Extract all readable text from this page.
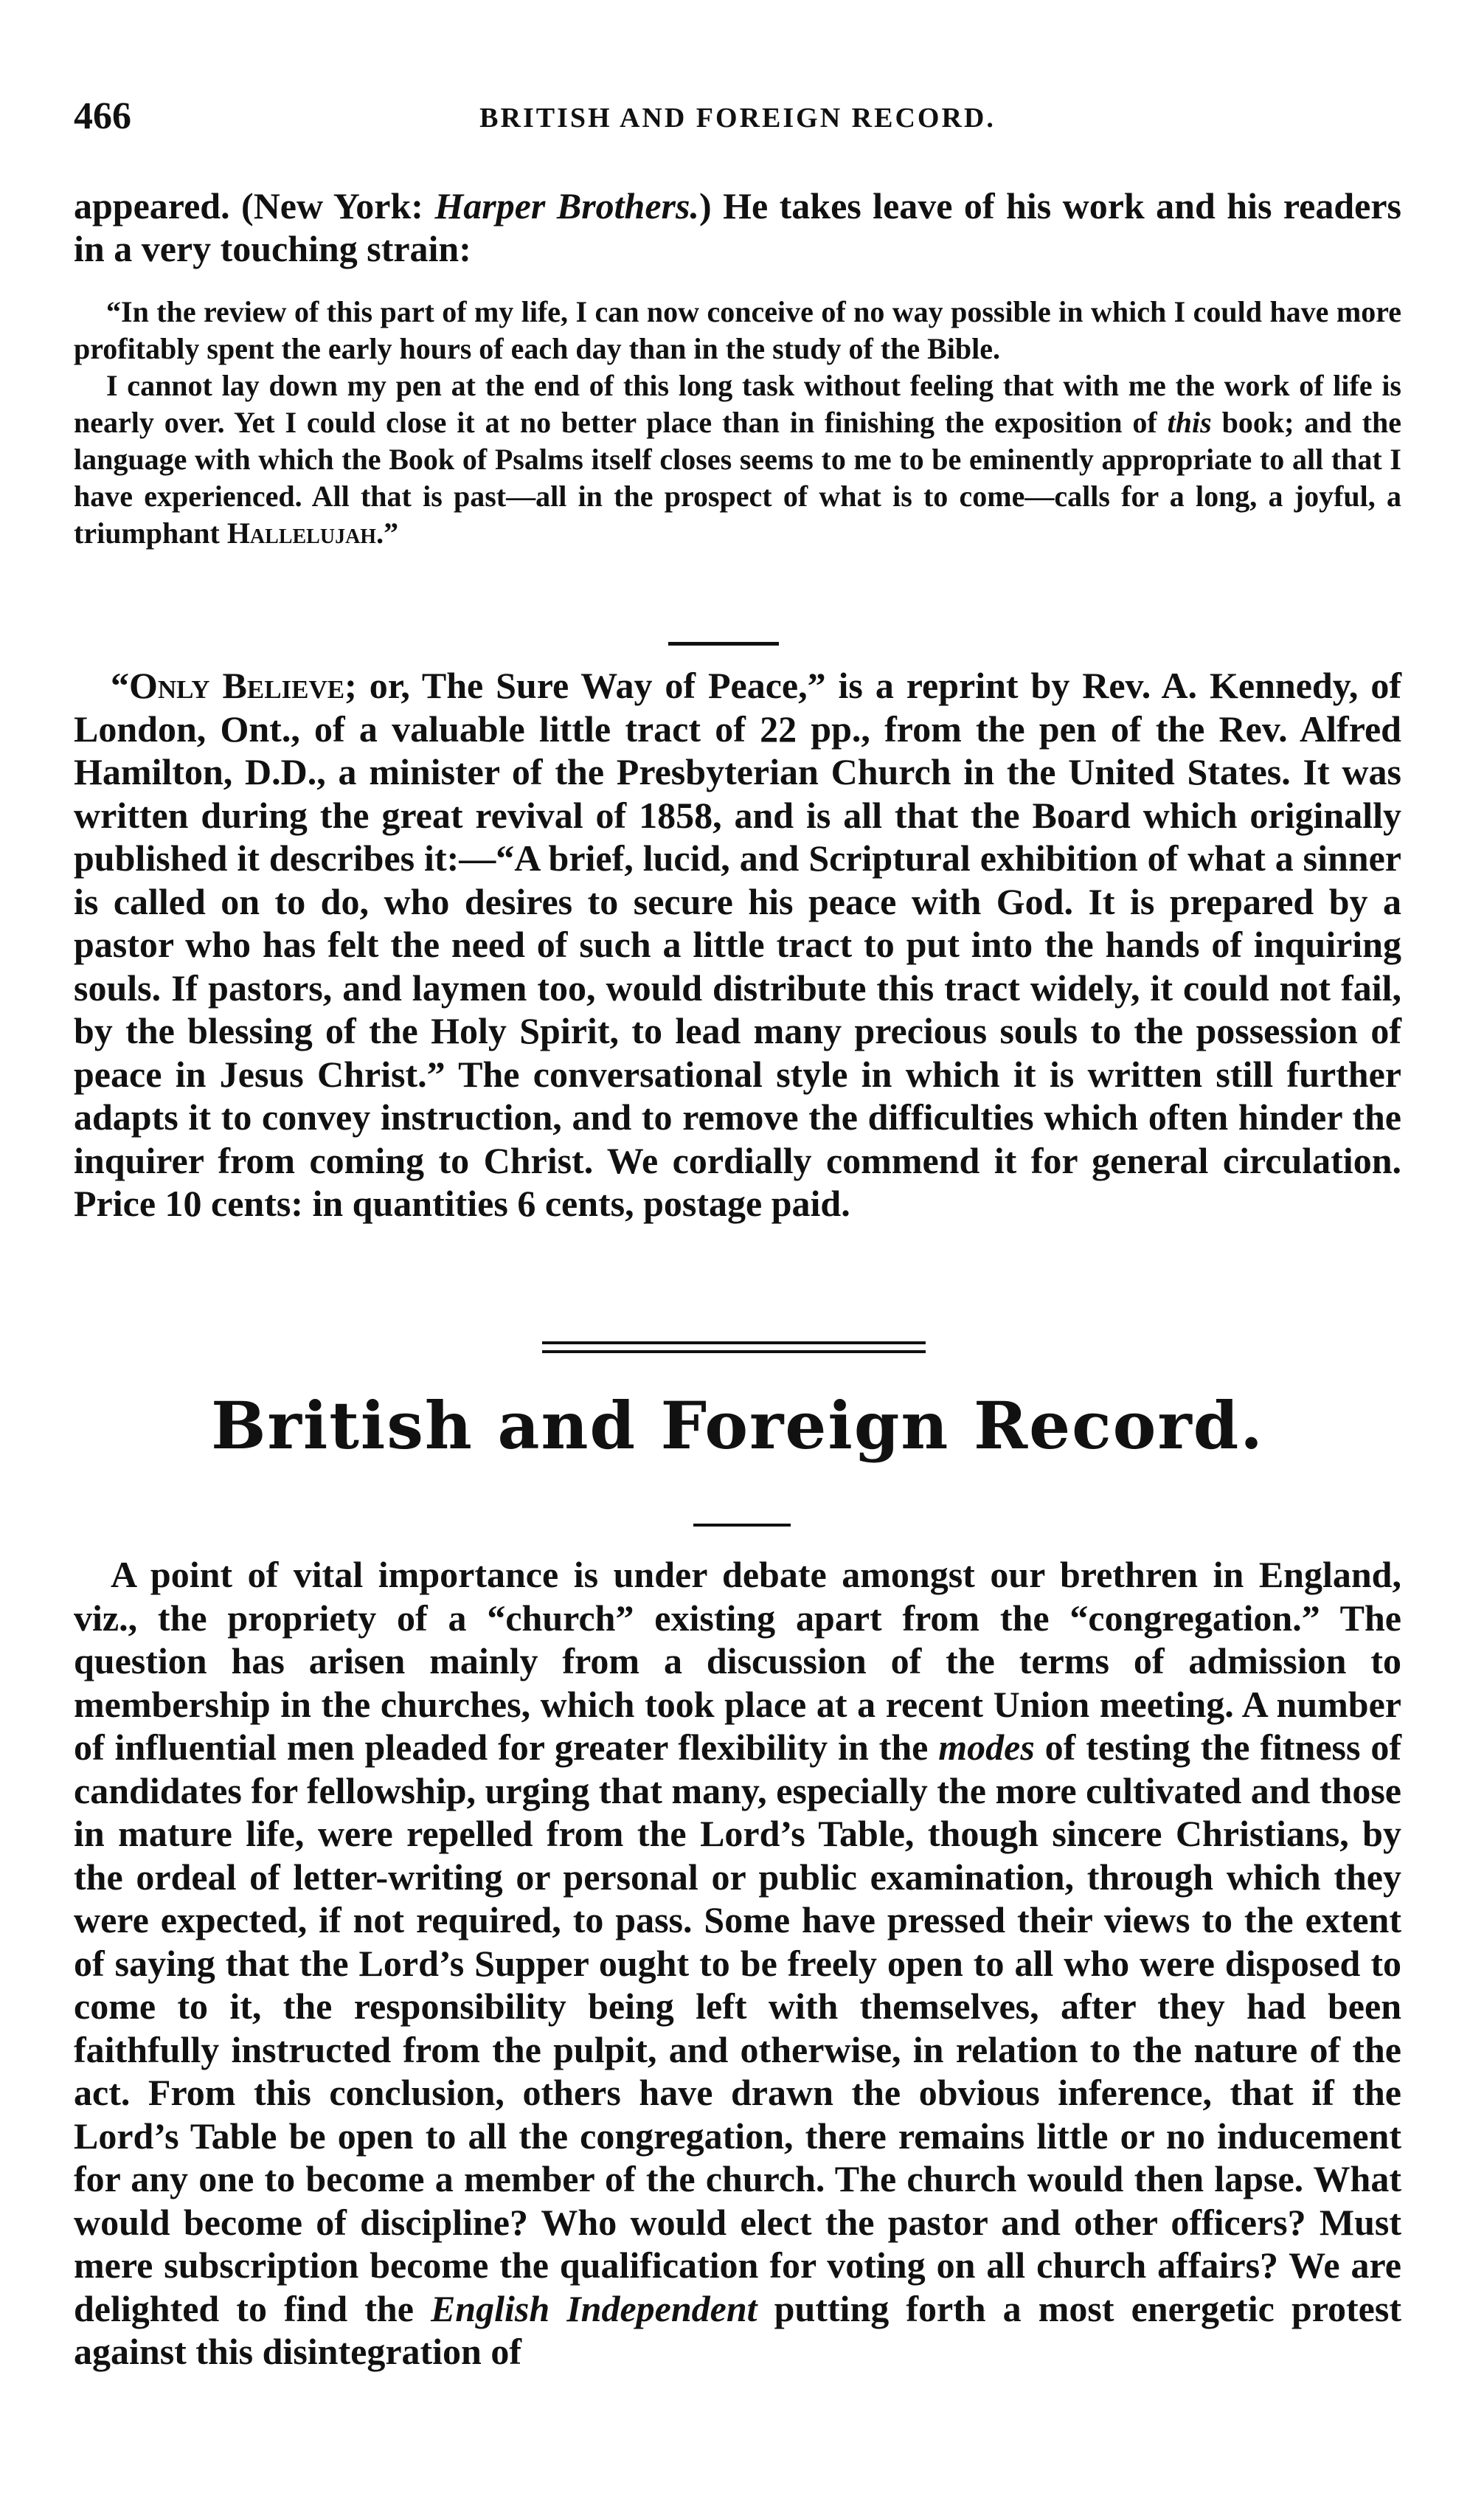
466	BRITISH AND FOREIGN RECORD.
appeared. (New York: Harper Brothers.) He takes leave of his work and his readers in a very touching strain:

“In the review of this part of my life, I can now conceive of no way possible in which I could have more profitably spent the early hours of each day than in the study of the Bible.

I cannot lay down my pen at the end of this long task without feeling that with me the work of life is nearly over. Yet I could close it at no better place than in finishing the exposition of this book; and the language with which the Book of Psalms itself closes seems to me to be eminently appropriate to all that I have experienced. All that is past—all in the prospect of what is to come—calls for a long, a joyful, a triumphant Hallelujah.”

“Only Believe; or, The Sure Way of Peace,” is a reprint by Rev. A. Kennedy, of London, Ont., of a valuable little tract of 22 pp., from the pen of the Rev. Alfred Hamilton, D.D., a minister of the Presbyterian Church in the United States. It was written during the great revival of 1858, and is all that the Board which originally published it describes it:—“A brief, lucid, and Scriptural exhibition of what a sinner is called on to do, who desires to secure his peace with God. It is prepared by a pastor who has felt the need of such a little tract to put into the hands of inquiring souls. If pastors, and laymen too, would distribute this tract widely, it could not fail, by the blessing of the Holy Spirit, to lead many precious souls to the possession of peace in Jesus Christ.” The conversational style in which it is written still further adapts it to convey instruction, and to remove the difficulties which often hinder the inquirer from coming to Christ. We cordially commend it for general circulation. Price 10 cents: in quantities 6 cents, postage paid.
British and Foreign Record.
A point of vital importance is under debate amongst our brethren in England, viz., the propriety of a “church” existing apart from the “congregation.” The question has arisen mainly from a discussion of the terms of admission to membership in the churches, which took place at a recent Union meeting. A number of influential men pleaded for greater flexibility in the modes of testing the fitness of candidates for fellowship, urging that many, especially the more cultivated and those in mature life, were repelled from the Lord’s Table, though sincere Christians, by the ordeal of letter-writing or personal or public examination, through which they were expected, if not required, to pass. Some have pressed their views to the extent of saying that the Lord’s Supper ought to be freely open to all who were disposed to come to it, the responsibility being left with themselves, after they had been faithfully instructed from the pulpit, and otherwise, in relation to the nature of the act. From this conclusion, others have drawn the obvious inference, that if the Lord’s Table be open to all the congregation, there remains little or no inducement for any one to become a member of the church. The church would then lapse. What would become of discipline? Who would elect the pastor and other officers? Must mere subscription become the qualification for voting on all church affairs? We are delighted to find the English Independent putting forth a most energetic protest against this disintegration of
